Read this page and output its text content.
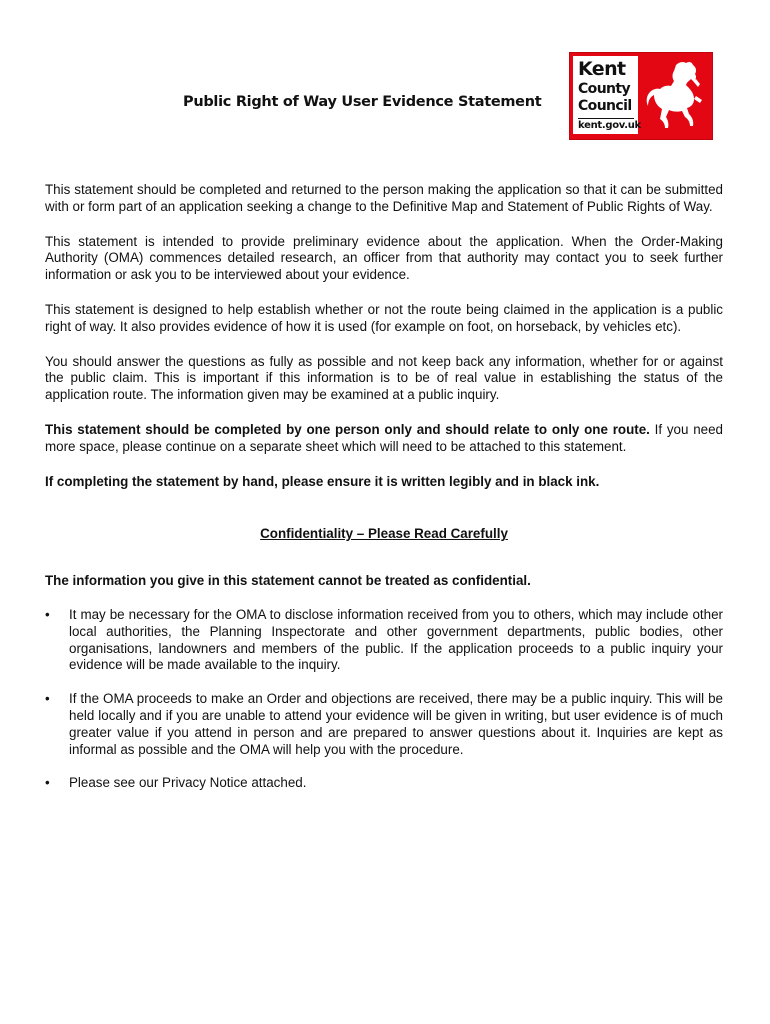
Public Right of Way User Evidence Statement
Kent
County
Council
kent.gov.uk

This statement should be completed and returned to the person making the application so that it can be submitted with or form part of an application seeking a change to the Definitive Map and Statement of Public Rights of Way.

This statement is intended to provide preliminary evidence about the application. When the Order-Making Authority (OMA) commences detailed research, an officer from that authority may contact you to seek further information or ask you to be interviewed about your evidence.

This statement is designed to help establish whether or not the route being claimed in the application is a public right of way. It also provides evidence of how it is used (for example on foot, on horseback, by vehicles etc).

You should answer the questions as fully as possible and not keep back any information, whether for or against the public claim. This is important if this information is to be of real value in establishing the status of the application route. The information given may be examined at a public inquiry.

This statement should be completed by one person only and should relate to only one route. If you need more space, please continue on a separate sheet which will need to be attached to this statement.

If completing the statement by hand, please ensure it is written legibly and in black ink.

Confidentiality – Please Read Carefully

The information you give in this statement cannot be treated as confidential.

• It may be necessary for the OMA to disclose information received from you to others, which may include other local authorities, the Planning Inspectorate and other government departments, public bodies, other organisations, landowners and members of the public. If the application proceeds to a public inquiry your evidence will be made available to the inquiry.
• If the OMA proceeds to make an Order and objections are received, there may be a public inquiry. This will be held locally and if you are unable to attend your evidence will be given in writing, but user evidence is of much greater value if you attend in person and are prepared to answer questions about it. Inquiries are kept as informal as possible and the OMA will help you with the procedure.
• Please see our Privacy Notice attached.
